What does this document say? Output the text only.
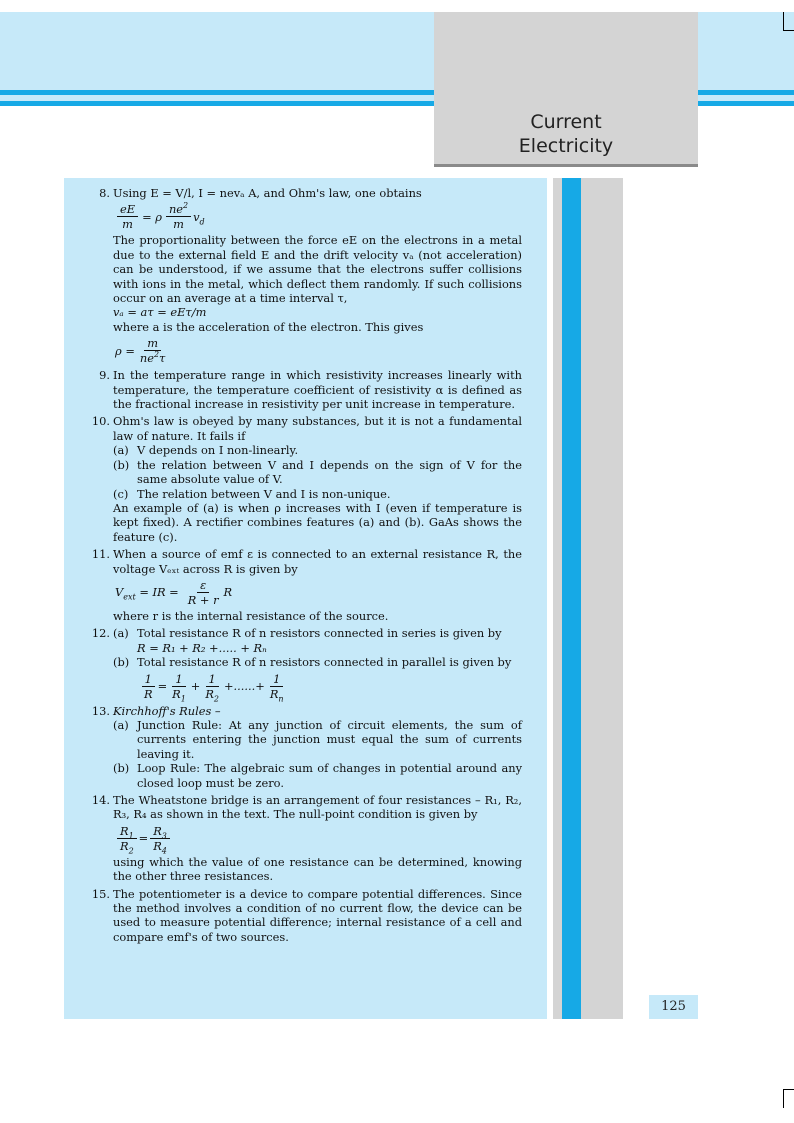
Current
Electricity
125
8. Using E = V/l, I = nevₐ A, and Ohm's law, one obtains

$\frac{eE}{m} = \rho \frac{ne^2}{m} v_d$

The proportionality between the force eE on the electrons in a metal due to the external field E and the drift velocity vₐ (not acceleration) can be understood, if we assume that the electrons suffer collisions with ions in the metal, which deflect them randomly. If such collisions occur on an average at a time interval τ,

vₐ = aτ = eEτ/m

where a is the acceleration of the electron. This gives

$\rho = \frac{m}{ne^2\tau}$
9. In the temperature range in which resistivity increases linearly with temperature, the temperature coefficient of resistivity α is defined as the fractional increase in resistivity per unit increase in temperature.

10. Ohm's law is obeyed by many substances, but it is not a fundamental law of nature. It fails if

(a) V depends on I non-linearly.

(b) the relation between V and I depends on the sign of V for the same absolute value of V.

(c) The relation between V and I is non-unique.

An example of (a) is when ρ increases with I (even if temperature is kept fixed). A rectifier combines features (a) and (b). GaAs shows the feature (c).

11. When a source of emf ε is connected to an external resistance R, the voltage Vₑₓₜ across R is given by

$V_{ext}$ = IR = $\frac{\varepsilon}{R + r}$ R

where r is the internal resistance of the source.

12. (a) Total resistance R of n resistors connected in series is given by

R = R₁ + R₂ +..... + Rₙ

(b) Total resistance R of n resistors connected in parallel is given by

$\frac{1}{R} = \frac{1}{R_1} + \frac{1}{R_2}$ +......+ $\frac{1}{R_n}$
13. Kirchhoff's Rules –

(a) Junction Rule: At any junction of circuit elements, the sum of currents entering the junction must equal the sum of currents leaving it.

(b) Loop Rule: The algebraic sum of changes in potential around any closed loop must be zero.

14. The Wheatstone bridge is an arrangement of four resistances – R₁, R₂, R₃, R₄ as shown in the text. The null-point condition is given by

$\frac{R_1}{R_2} = \frac{R_3}{R_4}$

using which the value of one resistance can be determined, knowing the other three resistances.

15. The potentiometer is a device to compare potential differences. Since the method involves a condition of no current flow, the device can be used to measure potential difference; internal resistance of a cell and compare emf's of two sources.
